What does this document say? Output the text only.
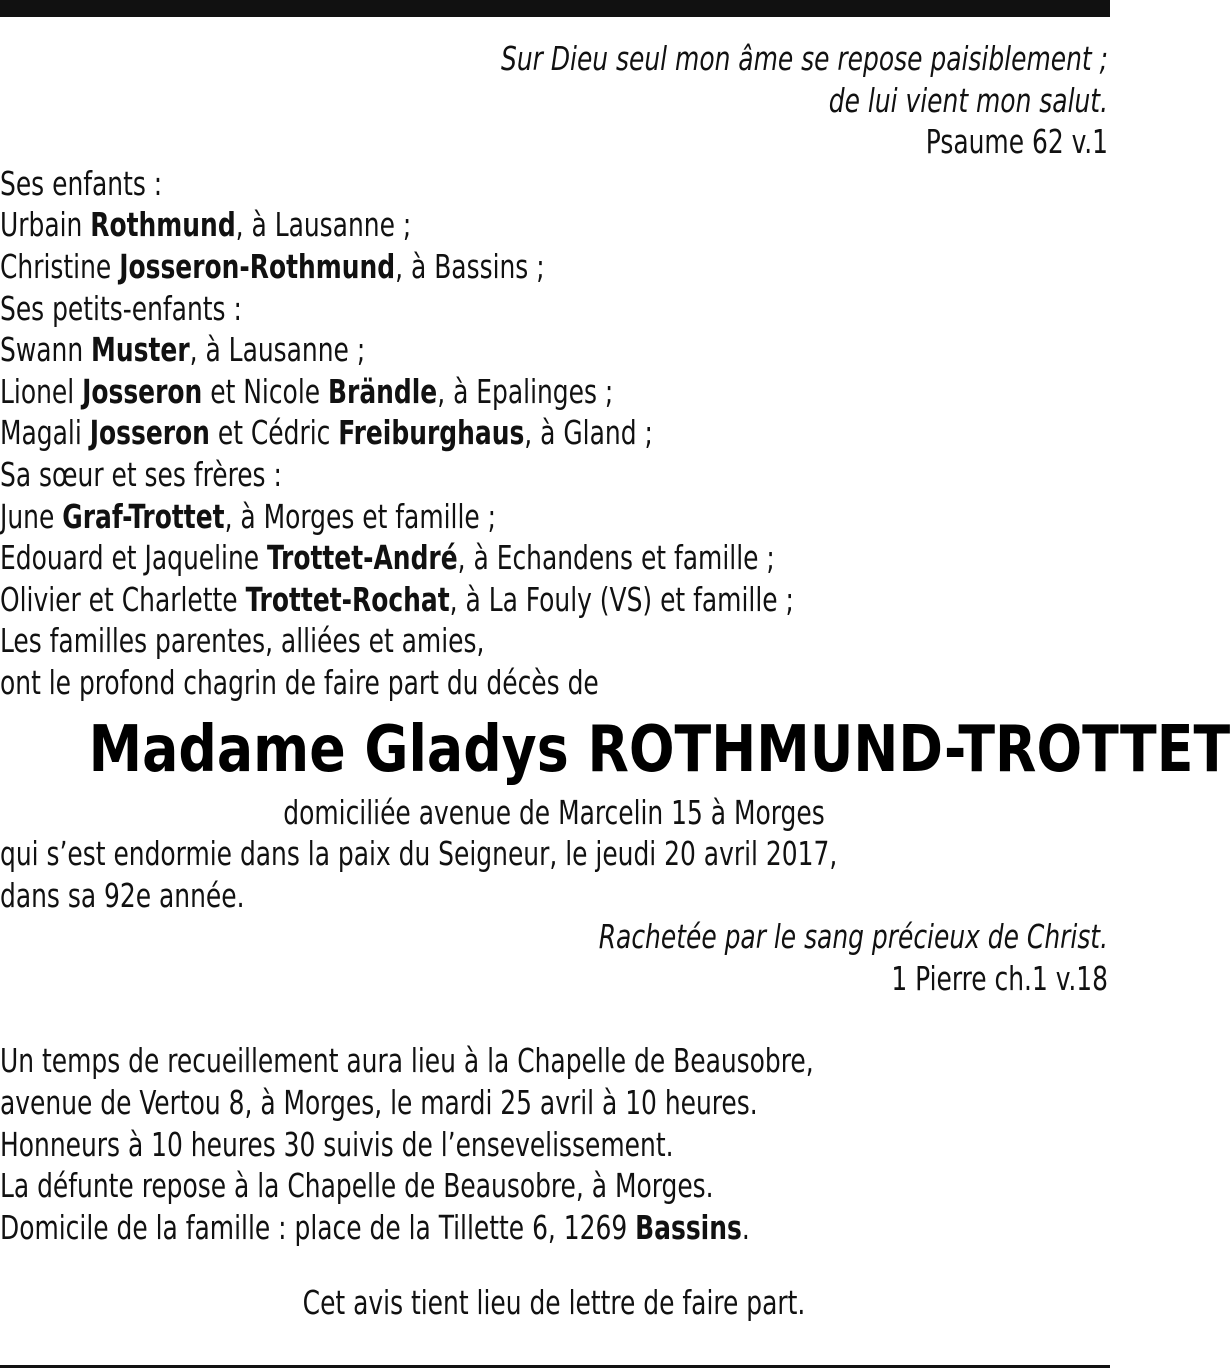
Sur Dieu seul mon âme se repose paisiblement ;
de lui vient mon salut.
Psaume 62 v.1
Ses enfants :
Urbain Rothmund, à Lausanne ;
Christine Josseron-Rothmund, à Bassins ;
Ses petits-enfants :
Swann Muster, à Lausanne ;
Lionel Josseron et Nicole Brändle, à Epalinges ;
Magali Josseron et Cédric Freiburghaus, à Gland ;
Sa sœur et ses frères :
June Graf-Trottet, à Morges et famille ;
Edouard et Jaqueline Trottet-André, à Echandens et famille ;
Olivier et Charlette Trottet-Rochat, à La Fouly (VS) et famille ;
Les familles parentes, alliées et amies,
ont le profond chagrin de faire part du décès de
Madame Gladys ROTHMUND-TROTTET
domiciliée avenue de Marcelin 15 à Morges
qui s’est endormie dans la paix du Seigneur, le jeudi 20 avril 2017,
dans sa 92e année.
Rachetée par le sang précieux de Christ.
1 Pierre ch.1 v.18
Un temps de recueillement aura lieu à la Chapelle de Beausobre,
avenue de Vertou 8, à Morges, le mardi 25 avril à 10 heures.
Honneurs à 10 heures 30 suivis de l’ensevelissement.
La défunte repose à la Chapelle de Beausobre, à Morges.
Domicile de la famille : place de la Tillette 6, 1269 Bassins.
Cet avis tient lieu de lettre de faire part.
